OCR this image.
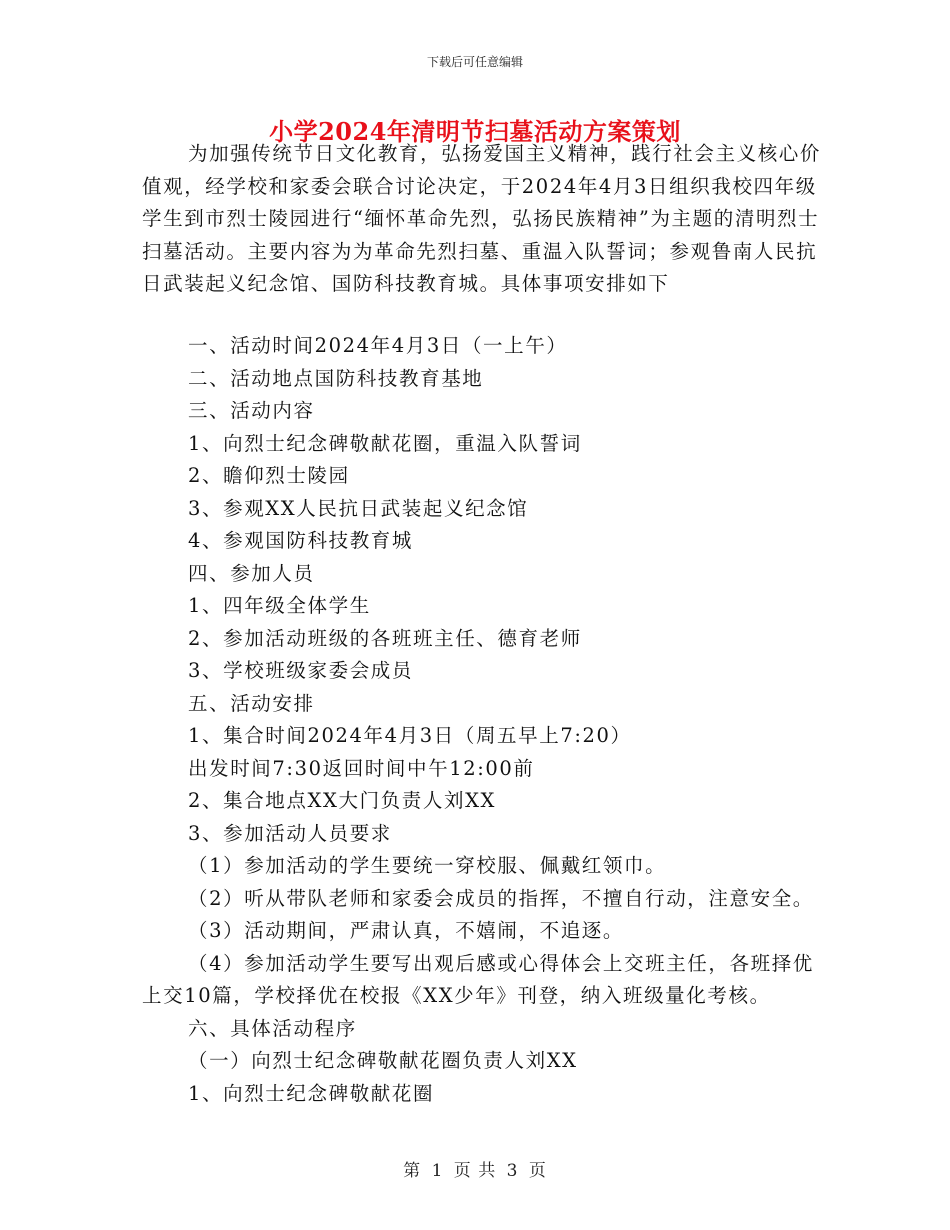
下载后可任意编辑
小学2024年清明节扫墓活动方案策划
为加强传统节日文化教育，弘扬爱国主义精神，践行社会主义核心价值观，经学校和家委会联合讨论决定，于2024年4月3日组织我校四年级学生到市烈士陵园进行“缅怀革命先烈，弘扬民族精神”为主题的清明烈士扫墓活动。主要内容为为革命先烈扫墓、重温入队誓词；参观鲁南人民抗日武装起义纪念馆、国防科技教育城。具体事项安排如下
一、活动时间2024年4月3日（一上午）
二、活动地点国防科技教育基地
三、活动内容
1、向烈士纪念碑敬献花圈，重温入队誓词
2、瞻仰烈士陵园
3、参观XX人民抗日武装起义纪念馆
4、参观国防科技教育城
四、参加人员
1、四年级全体学生
2、参加活动班级的各班班主任、德育老师
3、学校班级家委会成员
五、活动安排
1、集合时间2024年4月3日（周五早上7:20）
出发时间7:30返回时间中午12:00前
2、集合地点XX大门负责人刘XX
3、参加活动人员要求
（1）参加活动的学生要统一穿校服、佩戴红领巾。
（2）听从带队老师和家委会成员的指挥，不擅自行动，注意安全。
（3）活动期间，严肃认真，不嬉闹，不追逐。
（4）参加活动学生要写出观后感或心得体会上交班主任，各班择优上交10篇，学校择优在校报《XX少年》刊登，纳入班级量化考核。
六、具体活动程序
（一）向烈士纪念碑敬献花圈负责人刘XX
1、向烈士纪念碑敬献花圈
第 1 页 共 3 页
